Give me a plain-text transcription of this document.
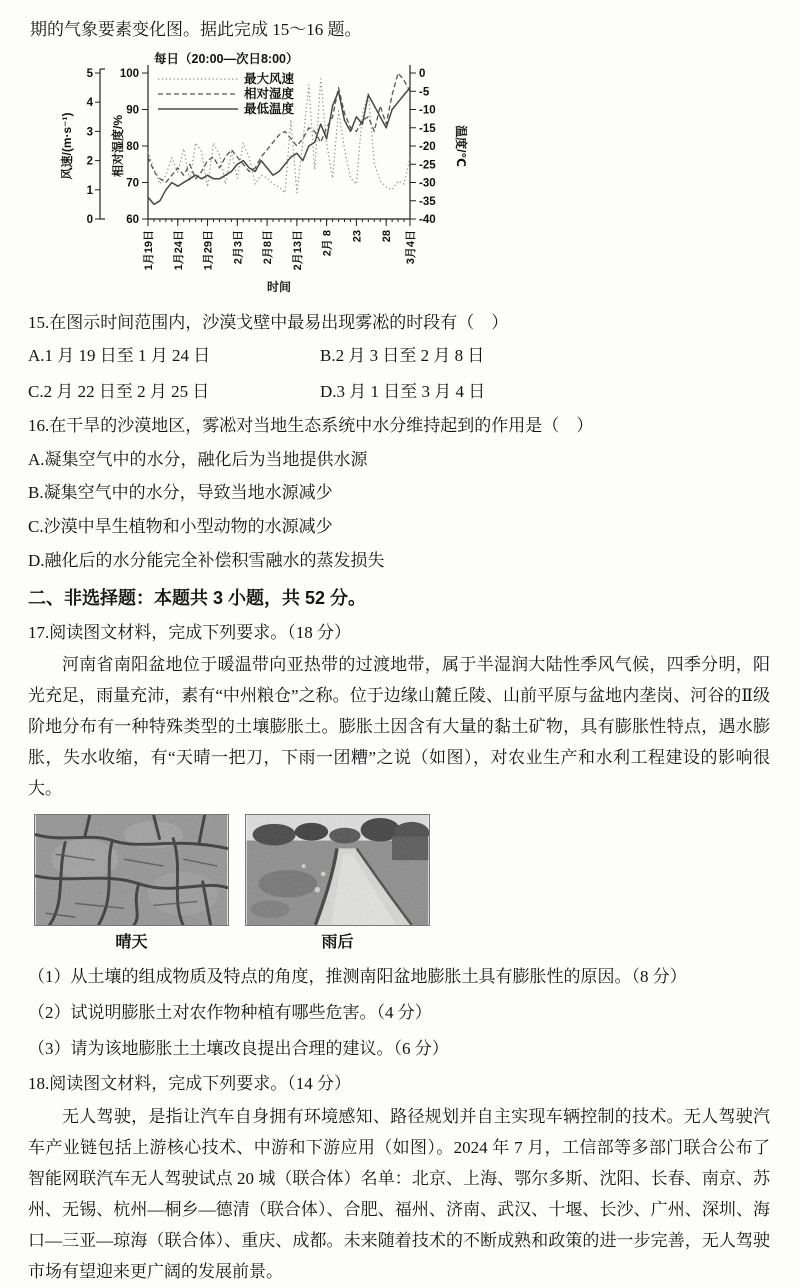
期的气象要素变化图。据此完成 15～16 题。

每日（20:00—次日8:00）
最大风速
相对湿度
最低温度
风速/(m·s⁻¹)	相对湿度/%	温度/℃
时间
0
1
2
3
4
5
60
70
80
90
100	0
-5
-10
-15
-20
-25
-30
-35
-40
1月19日 1月24日 1月29日 2月3日 2月8日 2月13日 2月 8 23 28 3月4日

15.在图示时间范围内，沙漠戈壁中最易出现雾凇的时段有（　）

A.1 月 19 日至 1 月 24 日	B.2 月 3 日至 2 月 8 日
C.2 月 22 日至 2 月 25 日	D.3 月 1 日至 3 月 4 日

16.在干旱的沙漠地区，雾凇对当地生态系统中水分维持起到的作用是（　）

A.凝集空气中的水分，融化后为当地提供水源
B.凝集空气中的水分，导致当地水源减少
C.沙漠中旱生植物和小型动物的水源减少
D.融化后的水分能完全补偿积雪融水的蒸发损失

二、非选择题：本题共 3 小题，共 52 分。

17.阅读图文材料，完成下列要求。（18 分）

河南省南阳盆地位于暖温带向亚热带的过渡地带，属于半湿润大陆性季风气候，四季分明，阳光充足，雨量充沛，素有“中州粮仓”之称。位于边缘山麓丘陵、山前平原与盆地内垄岗、河谷的Ⅱ级阶地分布有一种特殊类型的土壤膨胀土。膨胀土因含有大量的黏土矿物，具有膨胀性特点，遇水膨胀，失水收缩，有“天晴一把刀，下雨一团糟”之说（如图），对农业生产和水利工程建设的影响很大。

晴天	雨后

（1）从土壤的组成物质及特点的角度，推测南阳盆地膨胀土具有膨胀性的原因。（8 分）

（2）试说明膨胀土对农作物种植有哪些危害。（4 分）

（3）请为该地膨胀土土壤改良提出合理的建议。（6 分）

18.阅读图文材料，完成下列要求。（14 分）

无人驾驶，是指让汽车自身拥有环境感知、路径规划并自主实现车辆控制的技术。无人驾驶汽车产业链包括上游核心技术、中游和下游应用（如图）。2024 年 7 月，工信部等多部门联合公布了智能网联汽车无人驾驶试点 20 城（联合体）名单：北京、上海、鄂尔多斯、沈阳、长春、南京、苏州、无锡、杭州—桐乡—德清（联合体）、合肥、福州、济南、武汉、十堰、长沙、广州、深圳、海口—三亚—琼海（联合体）、重庆、成都。未来随着技术的不断成熟和政策的进一步完善，无人驾驶市场有望迎来更广阔的发展前景。
